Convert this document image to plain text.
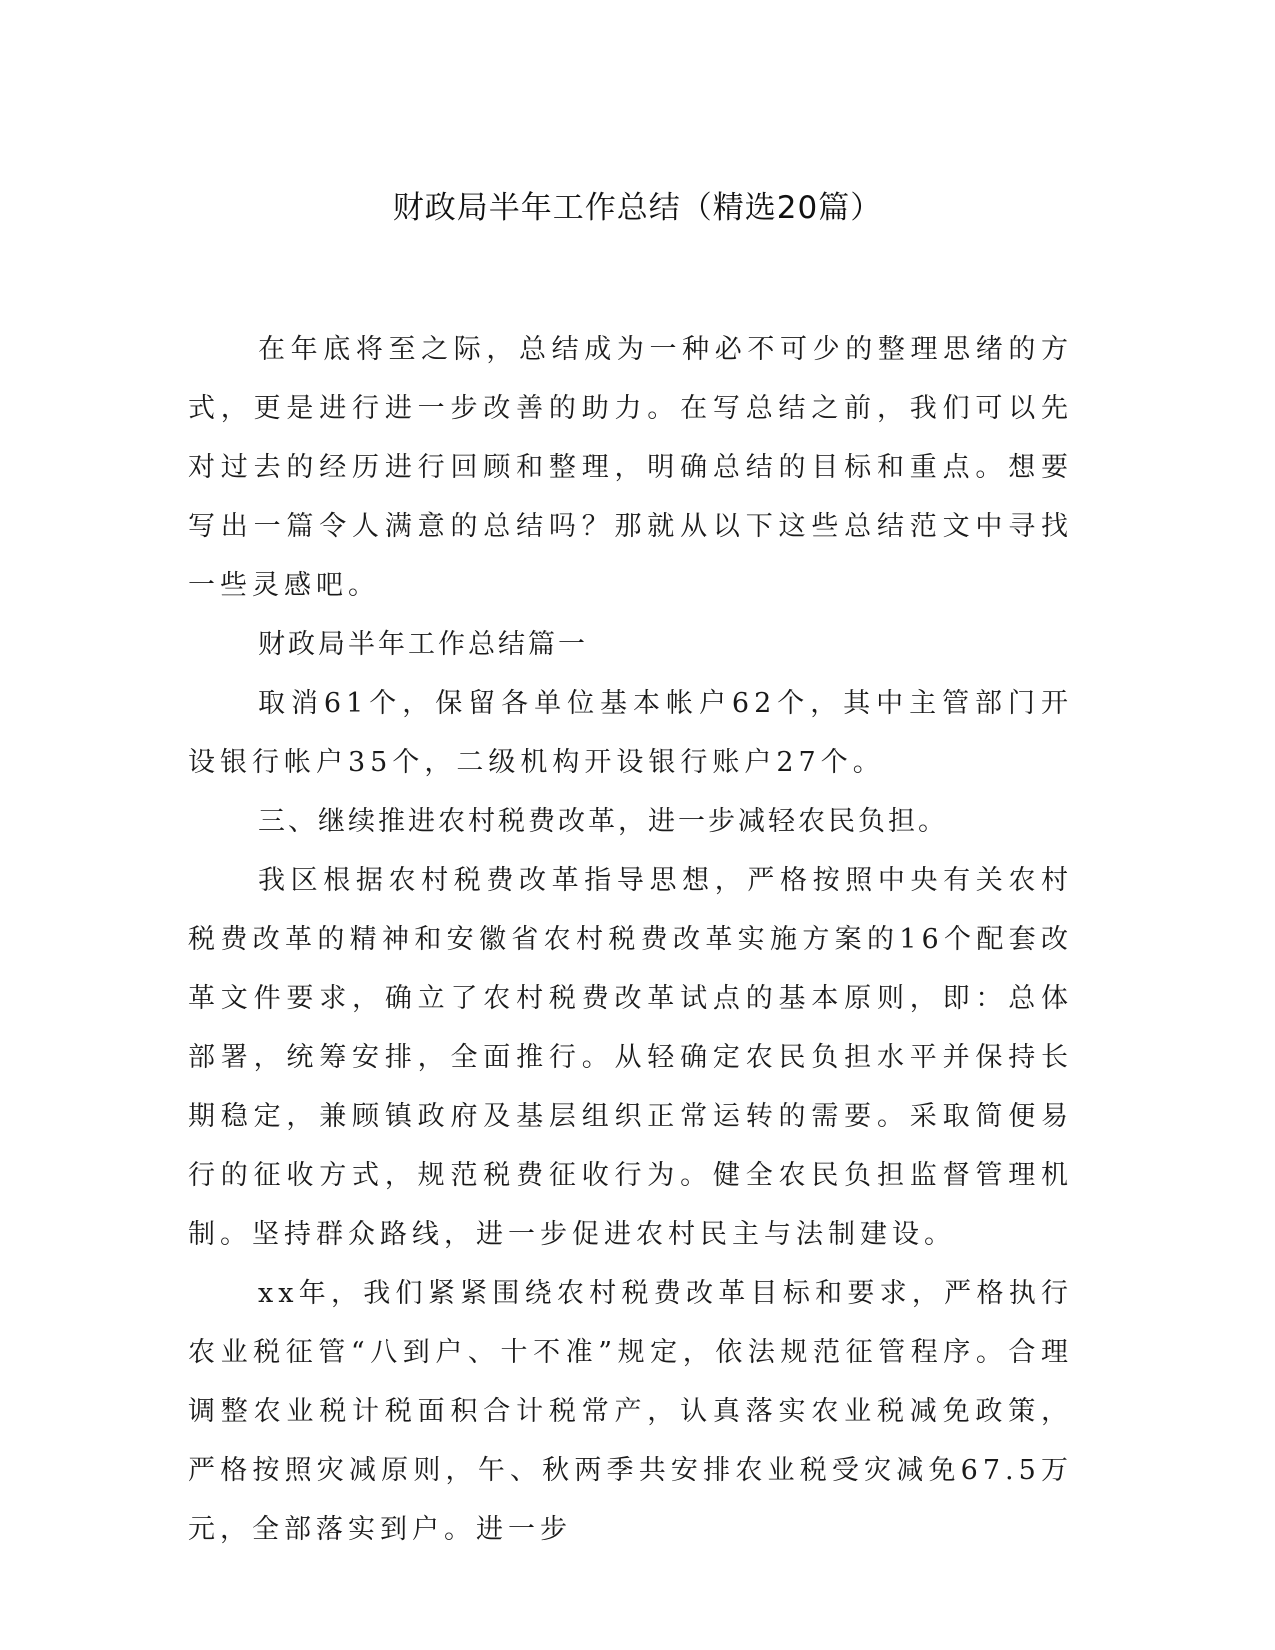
财政局半年工作总结（精选20篇）

在年底将至之际，总结成为一种必不可少的整理思绪的方式，更是进行进一步改善的助力。在写总结之前，我们可以先对过去的经历进行回顾和整理，明确总结的目标和重点。想要写出一篇令人满意的总结吗？那就从以下这些总结范文中寻找一些灵感吧。

财政局半年工作总结篇一

取消61个，保留各单位基本帐户62个，其中主管部门开设银行帐户35个，二级机构开设银行账户27个。

三、继续推进农村税费改革，进一步减轻农民负担。

我区根据农村税费改革指导思想，严格按照中央有关农村税费改革的精神和安徽省农村税费改革实施方案的16个配套改革文件要求，确立了农村税费改革试点的基本原则，即：总体部署，统筹安排，全面推行。从轻确定农民负担水平并保持长期稳定，兼顾镇政府及基层组织正常运转的需要。采取简便易行的征收方式，规范税费征收行为。健全农民负担监督管理机制。坚持群众路线，进一步促进农村民主与法制建设。

xx年，我们紧紧围绕农村税费改革目标和要求，严格执行农业税征管“八到户、十不准”规定，依法规范征管程序。合理调整农业税计税面积合计税常产，认真落实农业税减免政策，严格按照灾减原则，午、秋两季共安排农业税受灾减免67.5万元，全部落实到户。进一步
